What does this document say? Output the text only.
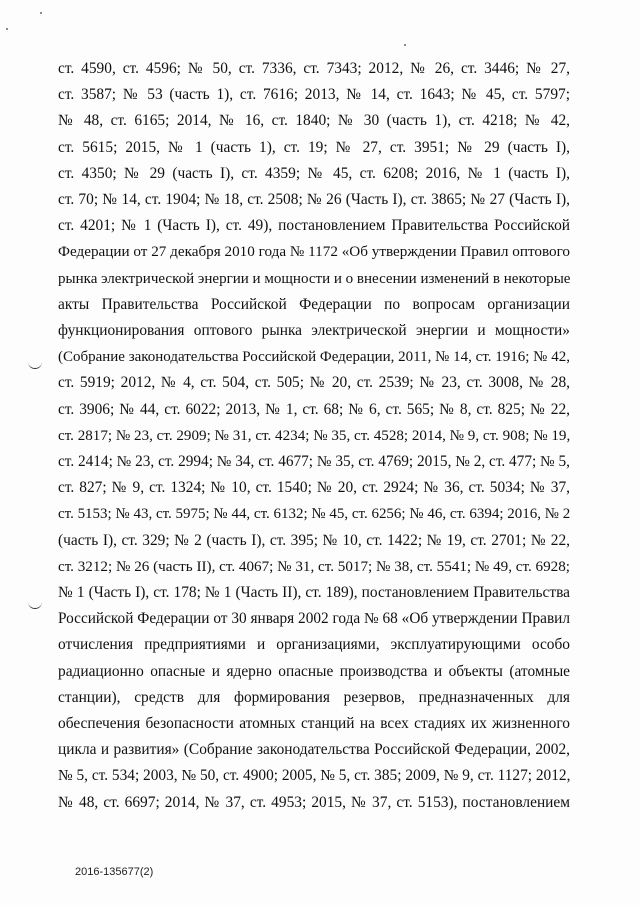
ст. 4590, ст. 4596; № 50, ст. 7336, ст. 7343; 2012, № 26, ст. 3446; № 27,
ст. 3587; № 53 (часть 1), ст. 7616; 2013, № 14, ст. 1643; № 45, ст. 5797;
№ 48, ст. 6165; 2014, № 16, ст. 1840; № 30 (часть 1), ст. 4218; № 42,
ст. 5615; 2015, № 1 (часть 1), ст. 19; № 27, ст. 3951; № 29 (часть I),
ст. 4350; № 29 (часть I), ст. 4359; № 45, ст. 6208; 2016, № 1 (часть I),
ст. 70; № 14, ст. 1904; № 18, ст. 2508; № 26 (Часть I), ст. 3865; № 27 (Часть I),
ст. 4201; № 1 (Часть I), ст. 49), постановлением Правительства Российской
Федерации от 27 декабря 2010 года № 1172 «Об утверждении Правил оптового
рынка электрической энергии и мощности и о внесении изменений в некоторые
акты Правительства Российской Федерации по вопросам организации
функционирования оптового рынка электрической энергии и мощности»
(Собрание законодательства Российской Федерации, 2011, № 14, ст. 1916; № 42,
ст. 5919; 2012, № 4, ст. 504, ст. 505; № 20, ст. 2539; № 23, ст. 3008, № 28,
ст. 3906; № 44, ст. 6022; 2013, № 1, ст. 68; № 6, ст. 565; № 8, ст. 825; № 22,
ст. 2817; № 23, ст. 2909; № 31, ст. 4234; № 35, ст. 4528; 2014, № 9, ст. 908; № 19,
ст. 2414; № 23, ст. 2994; № 34, ст. 4677; № 35, ст. 4769; 2015, № 2, ст. 477; № 5,
ст. 827; № 9, ст. 1324; № 10, ст. 1540; № 20, ст. 2924; № 36, ст. 5034; № 37,
ст. 5153; № 43, ст. 5975; № 44, ст. 6132; № 45, ст. 6256; № 46, ст. 6394; 2016, № 2
(часть I), ст. 329; № 2 (часть I), ст. 395; № 10, ст. 1422; № 19, ст. 2701; № 22,
ст. 3212; № 26 (часть II), ст. 4067; № 31, ст. 5017; № 38, ст. 5541; № 49, ст. 6928;
№ 1 (Часть I), ст. 178; № 1 (Часть II), ст. 189), постановлением Правительства
Российской Федерации от 30 января 2002 года № 68 «Об утверждении Правил
отчисления предприятиями и организациями, эксплуатирующими особо
радиационно опасные и ядерно опасные производства и объекты (атомные
станции), средств для формирования резервов, предназначенных для
обеспечения безопасности атомных станций на всех стадиях их жизненного
цикла и развития» (Собрание законодательства Российской Федерации, 2002,
№ 5, ст. 534; 2003, № 50, ст. 4900; 2005, № 5, ст. 385; 2009, № 9, ст. 1127; 2012,
№ 48, ст. 6697; 2014, № 37, ст. 4953; 2015, № 37, ст. 5153), постановлением

2016-135677(2)
